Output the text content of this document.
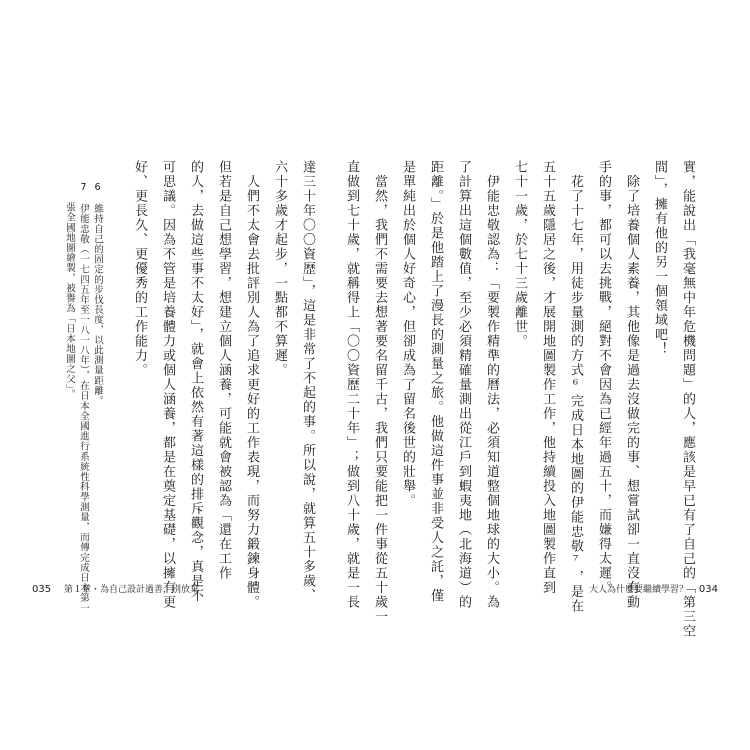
實，能說出「我毫無中年危機問題」的人，應該是早已有了自己的「第三空
間」，擁有他的另一個領域吧！
　除了培養個人素養，其他像是過去沒做完的事、想嘗試卻一直沒有動
手的事，都可以去挑戰，絕對不會因為已經年過五十，而嫌得太遲。
　花了十七年，用徒步量測的方式⁶完成日本地圖的伊能忠敬⁷，是在
五十五歲隱居之後，才展開地圖製作工作，他持續投入地圖製作直到
七十一歲，於七十三歲離世。
　伊能忠敬認為：「要製作精準的曆法，必須知道整個地球的大小。為
了計算出這個數值，至少必須精確量測出從江戶到蝦夷地（北海道）的
距離。」於是他踏上了漫長的測量之旅。他做這件事並非受人之託，僅
是單純出於個人好奇心，但卻成為了留名後世的壯舉。
　當然，我們不需要去想著要名留千古，我們只要能把一件事從五十歲一
直做到七十歲，就稱得上「〇〇資歷二十年」；做到八十歲，就是一長
達三十年〇〇資歷」，這是非常了不起的事。所以說，就算五十多歲、
六十多歲才起步，一點都不算遲。
　人們不太會去批評別人為了追求更好的工作表現，而努力鍛鍊身體。
但若是自己想學習，想建立個人涵養，可能就會被認為「還在工作
的人，去做這些事不太好」，就會上依然有著這樣的排斥觀念，真是不
可思議。因為不管是培養體力或個人涵養，都是在奠定基礎，以擁有更
好、更長久、更優秀的工作能力。
6　維持自己的固定的步伐長度，以此測量距離。
7　伊能忠敬（一七四五年至一八一八年），在日本全國進行系統性科學測量，而傳完成日本第一
　　張全國地圖繪製，被譽為「日本地圖之父」。
035 第１章・為自己設計過善，別放棄	大人為什麼要繼續學習？ 034
